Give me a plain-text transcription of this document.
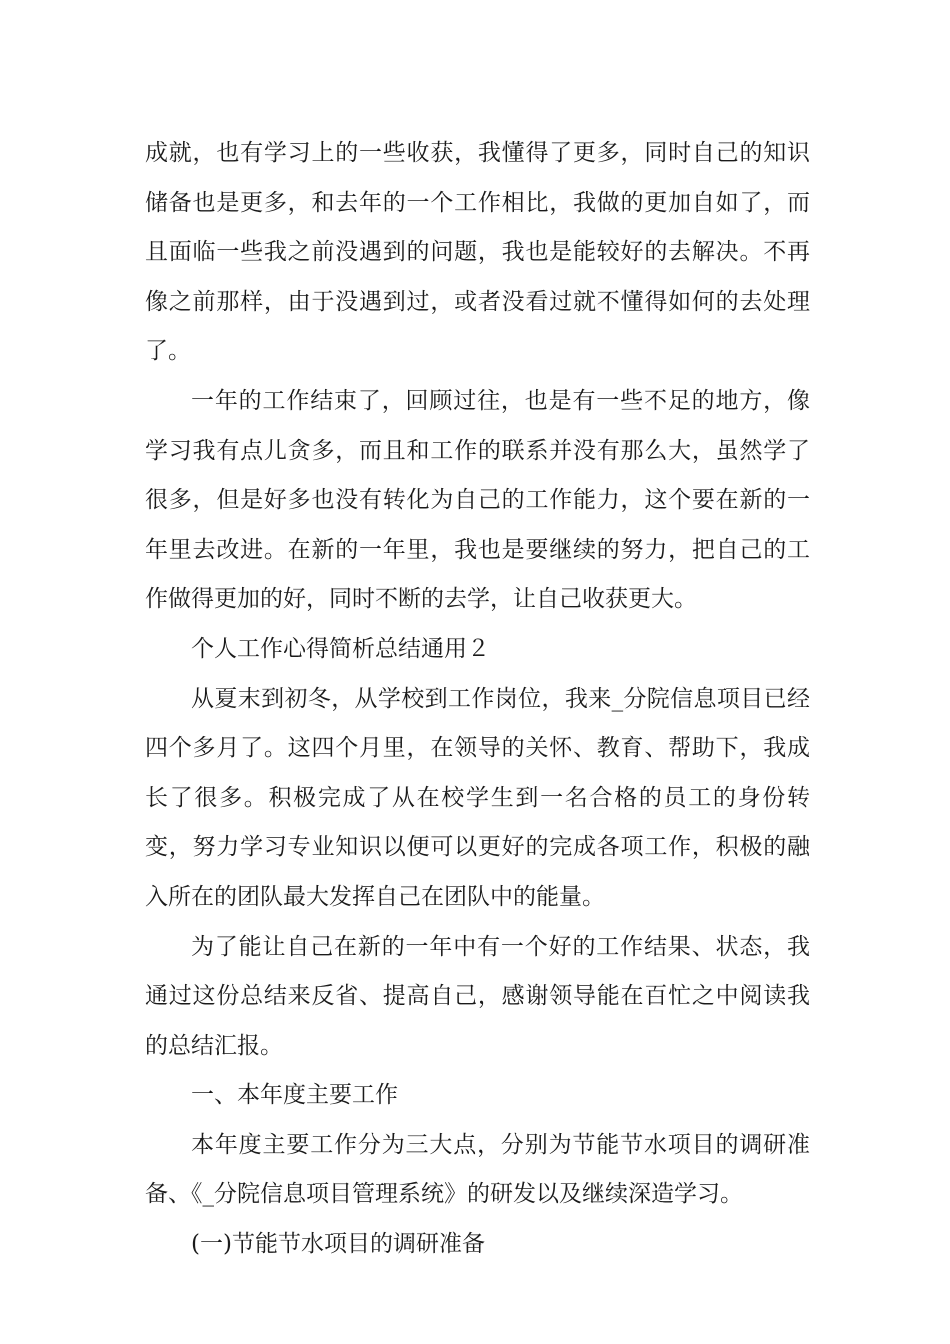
成就，也有学习上的一些收获，我懂得了更多，同时自己的知识储备也是更多，和去年的一个工作相比，我做的更加自如了，而且面临一些我之前没遇到的问题，我也是能较好的去解决。不再像之前那样，由于没遇到过，或者没看过就不懂得如何的去处理了。

一年的工作结束了，回顾过往，也是有一些不足的地方，像学习我有点儿贪多，而且和工作的联系并没有那么大，虽然学了很多，但是好多也没有转化为自己的工作能力，这个要在新的一年里去改进。在新的一年里，我也是要继续的努力，把自己的工作做得更加的好，同时不断的去学，让自己收获更大。

个人工作心得简析总结通用２

从夏末到初冬，从学校到工作岗位，我来_分院信息项目已经四个多月了。这四个月里，在领导的关怀、教育、帮助下，我成长了很多。积极完成了从在校学生到一名合格的员工的身份转变，努力学习专业知识以便可以更好的完成各项工作，积极的融入所在的团队最大发挥自己在团队中的能量。

为了能让自己在新的一年中有一个好的工作结果、状态，我通过这份总结来反省、提高自己，感谢领导能在百忙之中阅读我的总结汇报。

一、本年度主要工作

本年度主要工作分为三大点，分别为节能节水项目的调研准备、《_分院信息项目管理系统》的研发以及继续深造学习。

(一)节能节水项目的调研准备
